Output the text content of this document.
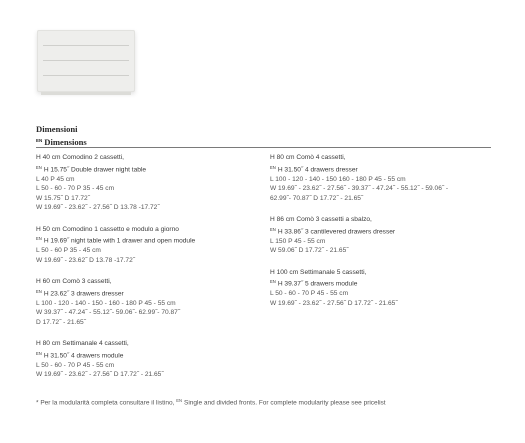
Dimensioni
$^{EN}$ Dimensions
H 40 cm Comodino 2 cassetti,
$^{EN}$ H 15.75˝ Double drawer night table
L 40 P 45 cm
L 50 - 60 - 70 P 35 - 45 cm
W 15.75˝ D 17.72˝
W 19.69˝ - 23.62˝ - 27.56˝ D 13.78 -17.72˝
H 50 cm Comodino 1 cassetto e modulo a giorno
$^{EN}$ H 19.69˝ night table with 1 drawer and open module
L 50 - 60 P 35 - 45 cm
W 19.69˝ - 23.62˝ D 13.78 -17.72˝
H 60 cm Comò 3 cassetti,
$^{EN}$ H 23.62˝ 3 drawers dresser
L 100 - 120 - 140 - 150 - 160 - 180 P 45 - 55 cm
W 39.37˝ - 47.24˝ - 55.12˝- 59.06˝- 62.99˝- 70.87˝
D 17.72˝ - 21.65˝
H 80 cm Settimanale 4 cassetti,
$^{EN}$ H 31.50˝ 4 drawers module
L 50 - 60 - 70 P 45 - 55 cm
W 19.69˝ - 23.62˝ - 27.56˝ D 17.72˝ - 21.65˝
H 80 cm Comò 4 cassetti,
$^{EN}$ H 31.50˝ 4 drawers dresser
L 100 - 120 - 140 - 150 160 - 180 P 45 - 55 cm
W 19.69˝ - 23.62˝ - 27.56˝ - 39.37˝ - 47.24˝ - 55.12˝ - 59.06˝ -
62.99˝- 70.87˝ D 17.72˝ - 21.65˝
H 86 cm Comò 3 cassetti a sbalzo,
$^{EN}$ H 33.86˝ 3 cantilevered drawers dresser
L 150 P 45 - 55 cm
W 59.06˝ D 17.72˝ - 21.65˝
H 100 cm Settimanale 5 cassetti,
$^{EN}$ H 39.37˝ 5 drawers module
L 50 - 60 - 70 P 45 - 55 cm
W 19.69˝ - 23.62˝ - 27.56˝ D 17.72˝ - 21.65˝
* Per la modularità completa consultare il listino, $^{EN}$ Single and divided fronts. For complete modularity please see pricelist
